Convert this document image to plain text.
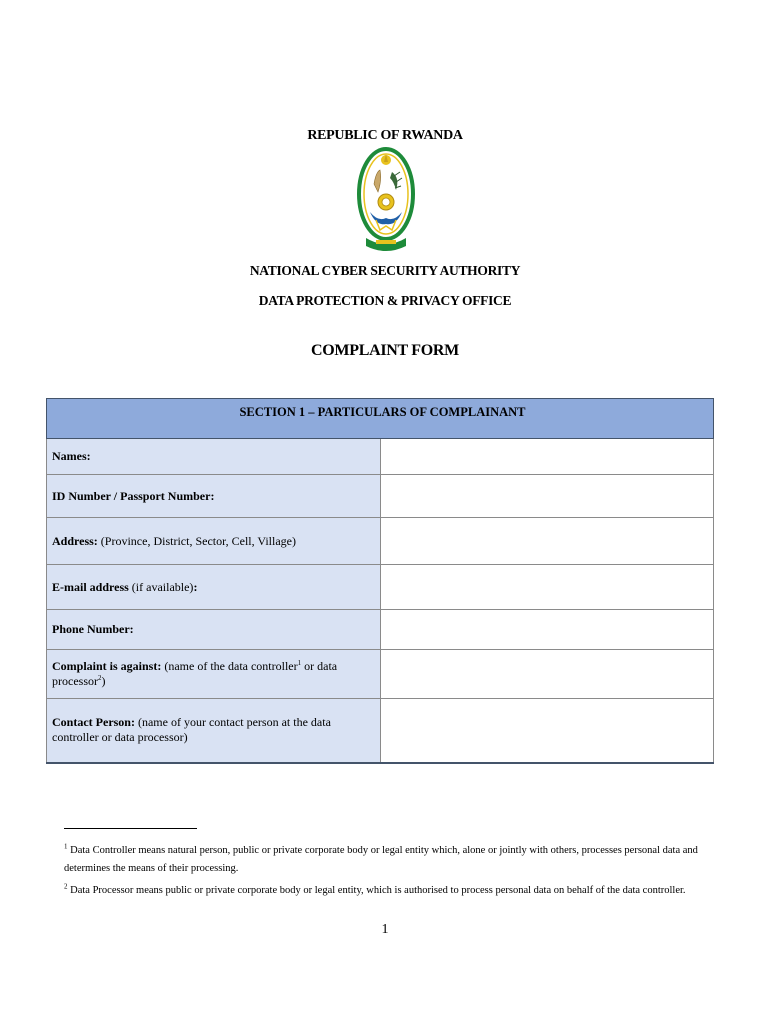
REPUBLIC OF RWANDA
NATIONAL CYBER SECURITY AUTHORITY
DATA PROTECTION & PRIVACY OFFICE
COMPLAINT FORM
SECTION 1 – PARTICULARS OF COMPLAINANT	
Names:	
ID Number / Passport Number:	
Address: (Province, District, Sector, Cell, Village)	
E-mail address (if available):	
Phone Number:	
Complaint is against: (name of the data controller$^1$ or data processor$^2$)	
Contact Person: (name of your contact person at the data controller or data processor)	
$^1$ Data Controller means natural person, public or private corporate body or legal entity which, alone or jointly with others, processes personal data and determines the means of their processing.
$^2$ Data Processor means public or private corporate body or legal entity, which is authorised to process personal data on behalf of the data controller.
1
